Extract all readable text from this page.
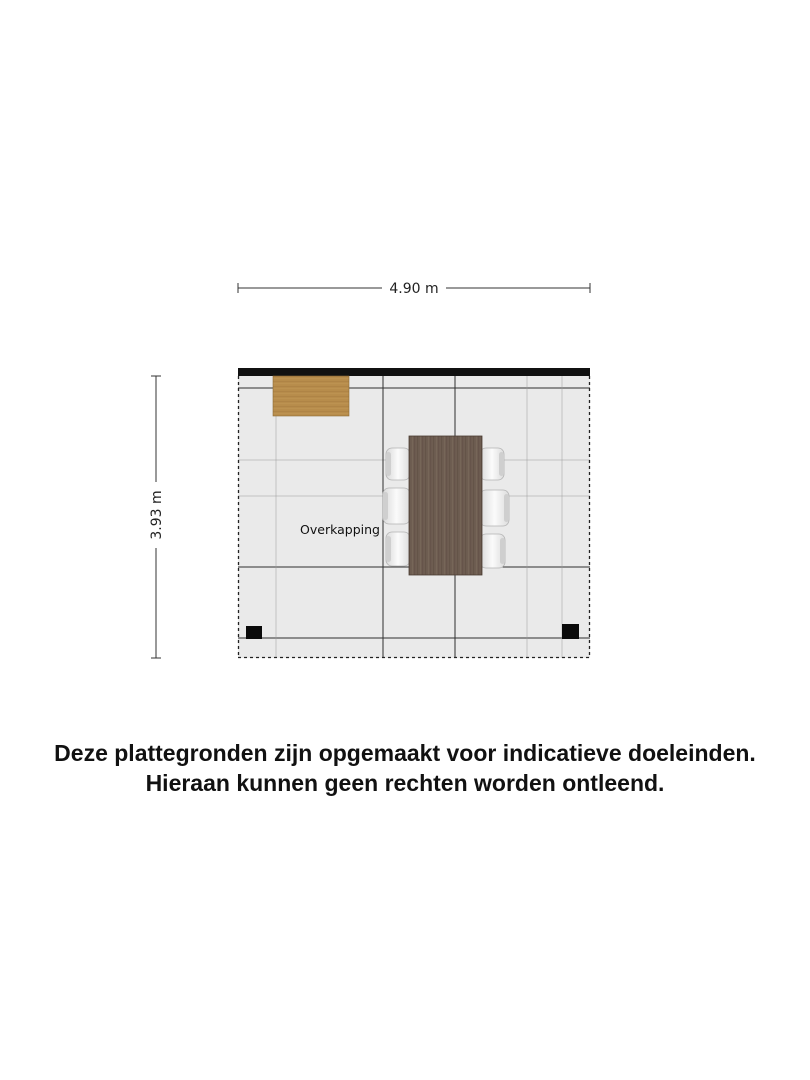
4.90 m
3.93 m	Overkapping
Deze plattegronden zijn opgemaakt voor indicatieve doeleinden.
Hieraan kunnen geen rechten worden ontleend.
